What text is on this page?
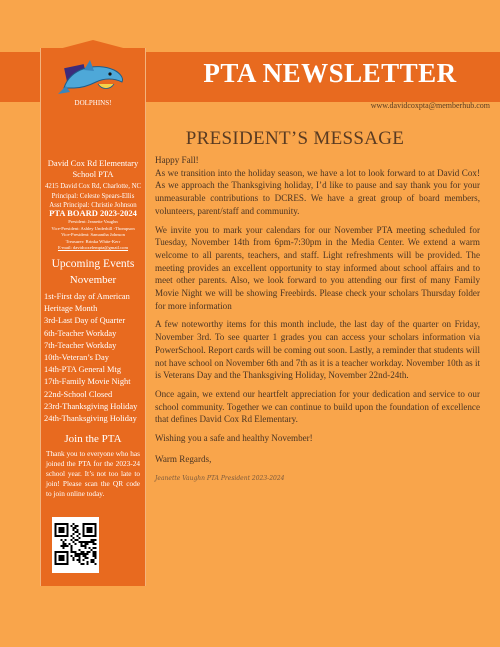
PTA NEWSLETTER
www.davidcoxpta@memberhub.com
DOLPHINS!
David Cox Rd Elementary School PTA
4215 David Cox Rd, Charlotte, NC
Principal: Celeste Spears-Ellis
Asst Principal: Christie Johnson
PTA BOARD 2023-2024
President: Jeanette Vaughn
Vice-President: Ashley Underhill -Thompson
Vice-President: Samantha Johnson
Treasurer: Brinka White-Kerr
E-mail: davidcoxelempta@gmail.com
Upcoming Events
November
1st-First day of American Heritage Month
3rd-Last Day of Quarter
6th-Teacher Workday
7th-Teacher Workday
10th-Veteran’s Day
14th-PTA General Mtg
17th-Family Movie Night
22nd-School Closed
23rd-Thanksgiving Holiday
24th-Thanksgiving Holiday
Join the PTA
Thank you to everyone who has joined the PTA for the 2023-24 school year. It’s not too late to join! Please scan the QR code to join online today.
PRESIDENT’S MESSAGE

Happy Fall!

As we transition into the holiday season, we have a lot to look forward to at David Cox! As we approach the Thanksgiving holiday, I’d like to pause and say thank you for your unmeasurable contributions to DCRES. We have a great group of board members, volunteers, parent/staff and community.

We invite you to mark your calendars for our November PTA meeting scheduled for Tuesday, November 14th from 6pm-7:30pm in the Media Center. We extend a warm welcome to all parents, teachers, and staff. Light refreshments will be provided. The meeting provides an excellent opportunity to stay informed about school affairs and to meet other parents. Also, we look forward to you attending our first of many Family Movie Night we will be showing Freebirds. Please check your scholars Thursday folder for more information

A few noteworthy items for this month include, the last day of the quarter on Friday, November 3rd. To see quarter 1 grades you can access your scholars information via PowerSchool. Report cards will be coming out soon. Lastly, a reminder that students will not have school on November 6th and 7th as it is a teacher workday. November 10th as it is Veterans Day and the Thanksgiving Holiday, November 22nd-24th.

Once again, we extend our heartfelt appreciation for your dedication and service to our school community. Together we can continue to build upon the foundation of excellence that defines David Cox Rd Elementary.

Wishing you a safe and healthy November!

Warm Regards,

Jeanette Vaughn PTA President 2023-2024
